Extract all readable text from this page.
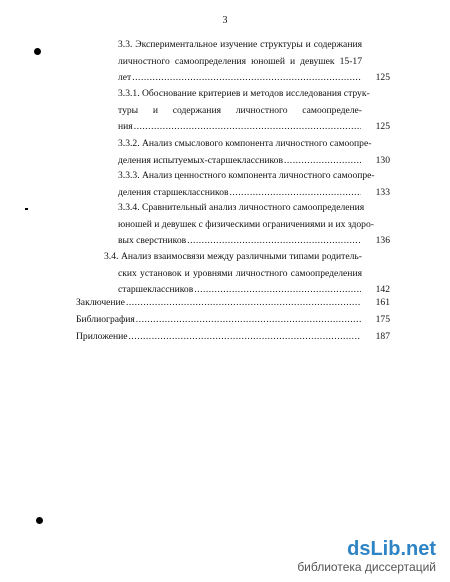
3
3.3. Экспериментальное изучение структуры и содержания
личностного самоопределения юношей и девушек 15-17
лет .....	125
3.3.1. Обоснование критериев и методов исследования струк-
туры и содержания личностного самоопределе-
ния .....	125
3.3.2. Анализ смыслового компонента личностного самоопре-
деления испытуемых-старшеклассников .....	130
3.3.3. Анализ ценностного компонента личностного самоопре-
деления старшеклассников .....	133
3.3.4. Сравнительный анализ личностного самоопределения
юношей и девушек с физическими ограничениями и их здоро-
вых сверстников .....	136
3.4. Анализ взаимосвязи между различными типами родитель-
ских установок и уровнями личностного самоопределения
старшеклассников .....	142
Заключение .....	161
Библиография .....	175
Приложение .....	187
dsLib.net
библиотека диссертаций
